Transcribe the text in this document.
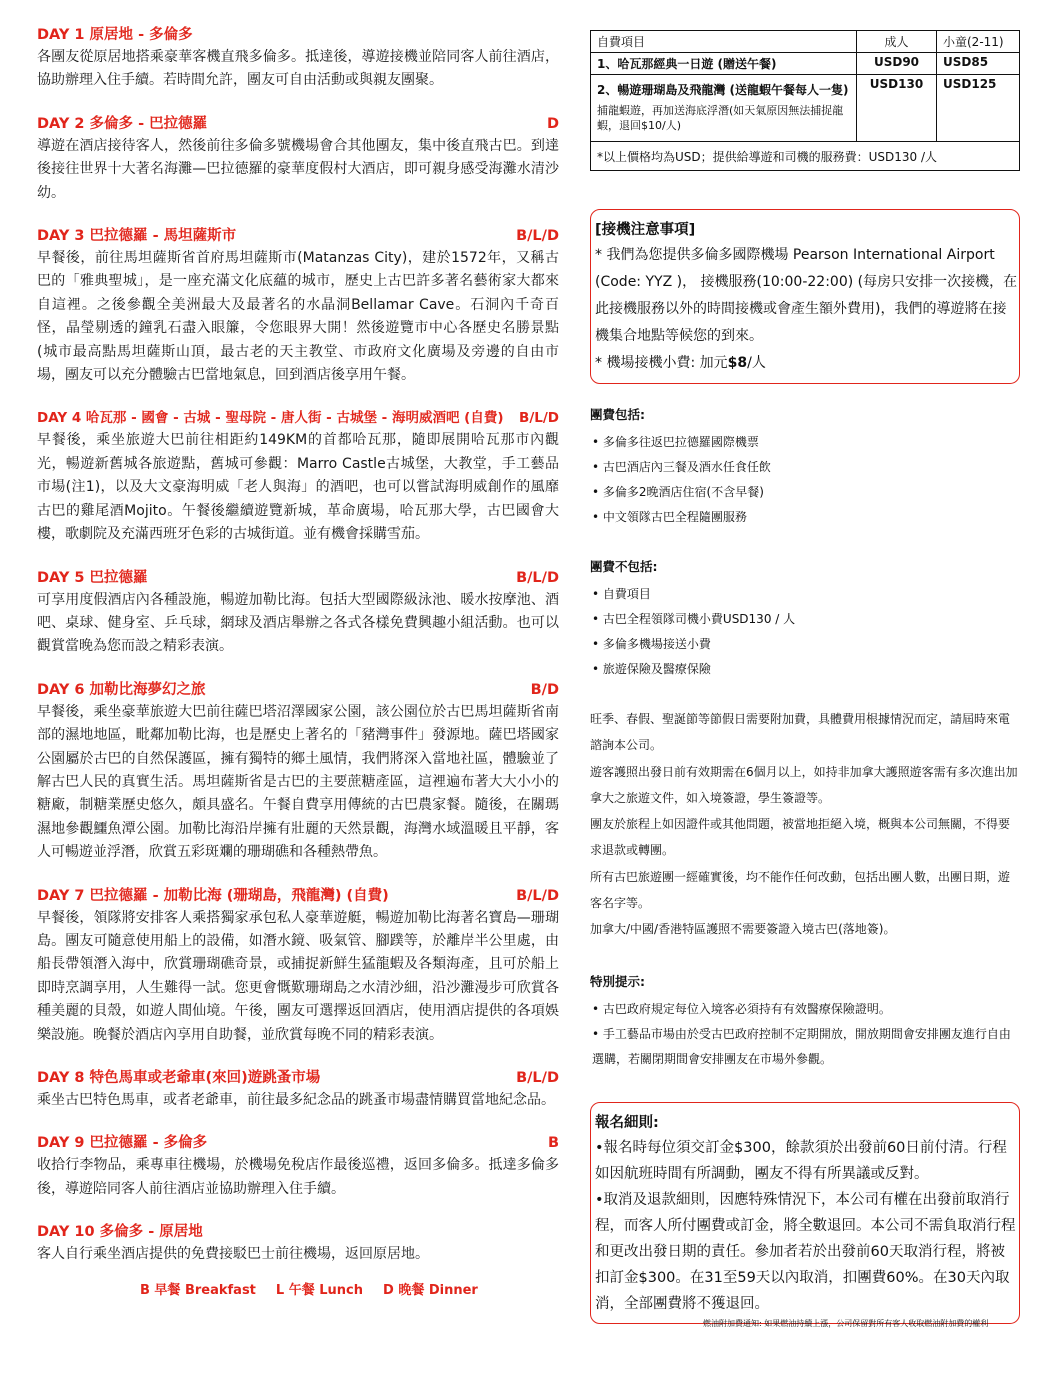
DAY 1 原居地 - 多倫多
各團友從原居地搭乘豪華客機直飛多倫多。抵達後，導遊接機並陪同客人前往酒店，協助辦理入住手續。若時間允許，團友可自由活動或與親友團聚。
DAY 2 多倫多 - 巴拉德羅	D
導遊在酒店接待客人，然後前往多倫多號機場會合其他團友，集中後直飛古巴。到達後接往世界十大著名海灘—巴拉德羅的豪華度假村大酒店，即可親身感受海灘水清沙幼。
DAY 3 巴拉德羅 - 馬坦薩斯市	B/L/D
早餐後，前往馬坦薩斯省首府馬坦薩斯市(Matanzas City)，建於1572年，又稱古巴的「雅典聖城」，是一座充滿文化底蘊的城市，歷史上古巴許多著名藝術家大都來自這裡。之後參觀全美洲最大及最著名的水晶洞Bellamar Cave。石洞內千奇百怪，晶瑩剔透的鐘乳石盡入眼簾，令您眼界大開！然後遊覽市中心各歷史名勝景點(城市最高點馬坦薩斯山頂，最古老的天主教堂、市政府文化廣場及旁邊的自由市場，團友可以充分體驗古巴當地氣息，回到酒店後享用午餐。
DAY 4 哈瓦那 - 國會 - 古城 - 聖母院 - 唐人街 - 古城堡 - 海明威酒吧 (自費) B/L/D
早餐後，乘坐旅遊大巴前往相距約149KM的首都哈瓦那，隨即展開哈瓦那市內觀光，暢遊新舊城各旅遊點，舊城可參觀：Marro Castle古城堡，大教堂，手工藝品市場(注1)，以及大文豪海明威「老人與海」的酒吧，也可以嘗試海明威創作的風靡古巴的雞尾酒Mojito。午餐後繼續遊覽新城，革命廣場，哈瓦那大學，古巴國會大樓，歌劇院及充滿西班牙色彩的古城街道。並有機會採購雪茄。
DAY 5 巴拉德羅	B/L/D
可享用度假酒店內各種設施，暢遊加勒比海。包括大型國際級泳池、暖水按摩池、酒吧、桌球、健身室、乒乓球，網球及酒店舉辦之各式各樣免費興趣小組活動。也可以觀賞當晚為您而設之精彩表演。
DAY 6 加勒比海夢幻之旅	B/D
早餐後，乘坐豪華旅遊大巴前往薩巴塔沼澤國家公園，該公園位於古巴馬坦薩斯省南部的濕地地區，毗鄰加勒比海，也是歷史上著名的「豬灣事件」發源地。薩巴塔國家公園屬於古巴的自然保護區，擁有獨特的鄉土風情，我們將深入當地社區，體驗並了解古巴人民的真實生活。馬坦薩斯省是古巴的主要蔗糖產區，這裡遍布著大大小小的糖廠，制糖業歷史悠久，頗具盛名。午餐自費享用傳統的古巴農家餐。隨後，在關瑪濕地參觀鱷魚潭公園。加勒比海沿岸擁有壯麗的天然景觀，海灣水域溫暖且平靜，客人可暢遊並浮潛，欣賞五彩斑斕的珊瑚礁和各種熱帶魚。
DAY 7 巴拉德羅 - 加勒比海 (珊瑚島，飛龍灣) (自費)	B/L/D
早餐後，領隊將安排客人乘搭獨家承包私人豪華遊艇，暢遊加勒比海著名寶島—珊瑚島。團友可隨意使用船上的設備，如潛水鏡、吸氣管、腳蹼等，於離岸半公里處，由船長帶領潛入海中，欣賞珊瑚礁奇景，或捕捉新鮮生猛龍蝦及各類海產，且可於船上即時烹調享用，人生難得一試。您更會慨歎珊瑚島之水清沙細，沿沙灘漫步可欣賞各種美麗的貝殼，如遊人間仙境。午後，團友可選擇返回酒店，使用酒店提供的各項娛樂設施。晚餐於酒店內享用自助餐，並欣賞每晚不同的精彩表演。
DAY 8 特色馬車或老爺車(來回)遊跳蚤市場	B/L/D
乘坐古巴特色馬車，或者老爺車，前往最多紀念品的跳蚤市場盡情購買當地紀念品。
DAY 9 巴拉德羅 - 多倫多	B
收拾行李物品，乘專車往機場，於機場免稅店作最後巡禮，返回多倫多。抵達多倫多後，導遊陪同客人前往酒店並協助辦理入住手續。
DAY 10 多倫多 - 原居地
客人自行乘坐酒店提供的免費接駁巴士前往機場，返回原居地。
B 早餐 Breakfast L 午餐 Lunch D 晚餐 Dinner
自費項目	成人	小童(2-11)
1、哈瓦那經典一日遊 (贈送午餐)	USD90	USD85

2、暢遊珊瑚島及飛龍灣 (送龍蝦午餐每人一隻)
捕龍蝦遊，再加送海底浮潛(如天氣原因無法捕捉龍蝦，退回$10/人)	USD130	USD125
*以上價格均為USD；提供給導遊和司機的服務費：USD130 /人		
[接機注意事項]
* 我們為您提供多倫多國際機場 Pearson International Airport (Code: YYZ )， 接機服務(10:00-22:00) (每房只安排一次接機，在此接機服務以外的時間接機或會產生額外費用)，我們的導遊將在接機集合地點等候您的到來。
* 機場接機小費: 加元$8/人
團費包括:
• 多倫多往返巴拉德羅國際機票
• 古巴酒店內三餐及酒水任食任飲
• 多倫多2晚酒店住宿(不含早餐)
• 中文領隊古巴全程隨團服務
團費不包括:
• 自費項目
• 古巴全程領隊司機小費USD130 / 人
• 多倫多機場接送小費
• 旅遊保險及醫療保險
旺季、春假、聖誕節等節假日需要附加費，具體費用根據情況而定，請屆時來電諮詢本公司。
遊客護照出發日前有效期需在6個月以上，如持非加拿大護照遊客需有多次進出加拿大之旅遊文件，如入境簽證，學生簽證等。
團友於旅程上如因證件或其他問題，被當地拒絕入境，概與本公司無關，不得要求退款或轉團。
所有古巴旅遊團一經確實後，均不能作任何改動，包括出團人數，出團日期，遊客名字等。
加拿大/中國/香港特區護照不需要簽證入境古巴(落地簽)。
特別提示:
• 古巴政府規定每位入境客必須持有有效醫療保險證明。
• 手工藝品市場由於受古巴政府控制不定期開放，開放期間會安排團友進行自由選購，若關閉期間會安排團友在市場外參觀。
報名細則:
•報名時每位須交訂金$300，餘款須於出發前60日前付清。行程如因航班時間有所調動，團友不得有所異議或反對。
•取消及退款細則，因應特殊情況下，本公司有權在出發前取消行程，而客人所付團費或訂金，將全數退回。本公司不需負取消行程和更改出發日期的責任。參加者若於出發前60天取消行程，將被扣訂金$300。在31至59天以內取消，扣團費60%。在30天內取消，全部團費將不獲退回。
燃油附加費通知: 如果燃油持續上漲，公司保留對所有客人收取燃油附加費的權利
